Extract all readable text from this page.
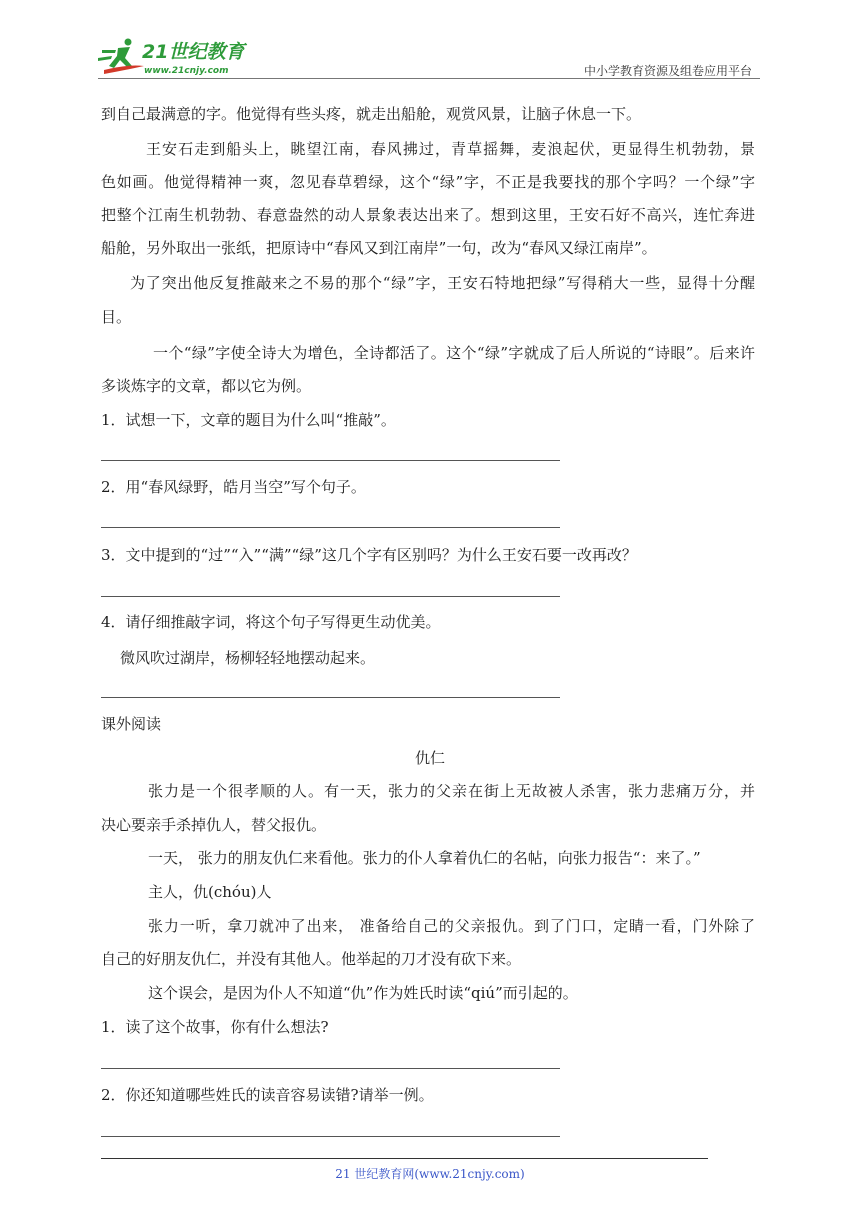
21世纪教育
www.21cnjy.com	中小学教育资源及组卷应用平台
到自己最满意的字。他觉得有些头疼，就走出船舱，观赏风景，让脑子休息一下。
王安石走到船头上，眺望江南，春风拂过，青草摇舞，麦浪起伏，更显得生机勃勃，景
色如画。他觉得精神一爽，忽见春草碧绿，这个“绿”字，不正是我要找的那个字吗？一个绿”字
把整个江南生机勃勃、春意盎然的动人景象表达出来了。想到这里，王安石好不高兴，连忙奔进
船舱，另外取出一张纸，把原诗中“春风又到江南岸”一句，改为“春风又绿江南岸”。
为了突出他反复推敲来之不易的那个“绿”字，王安石特地把绿”写得稍大一些，显得十分醒
目。
一个“绿”字使全诗大为增色，全诗都活了。这个“绿”字就成了后人所说的“诗眼”。后来许
多谈炼字的文章，都以它为例。
1．试想一下，文章的题目为什么叫“推敲”。
2．用“春风绿野，皓月当空”写个句子。
3．文中提到的“过”“入”“满”“绿”这几个字有区别吗？为什么王安石要一改再改？
4．请仔细推敲字词，将这个句子写得更生动优美。
微风吹过湖岸，杨柳轻轻地摆动起来。
课外阅读
仇仁
张力是一个很孝顺的人。有一天，张力的父亲在街上无故被人杀害，张力悲痛万分，并
决心要亲手杀掉仇人，替父报仇。
一天， 张力的朋友仇仁来看他。张力的仆人拿着仇仁的名帖，向张力报告“：来了。”
主人，仇(chóu)人
张力一听，拿刀就冲了出来， 准备给自己的父亲报仇。到了门口，定睛一看，门外除了
自己的好朋友仇仁，并没有其他人。他举起的刀才没有砍下来。
这个误会，是因为仆人不知道“仇”作为姓氏时读“qiú”而引起的。
1．读了这个故事，你有什么想法?
2．你还知道哪些姓氏的读音容易读错?请举一例。
21 世纪教育网(www.21cnjy.com)
